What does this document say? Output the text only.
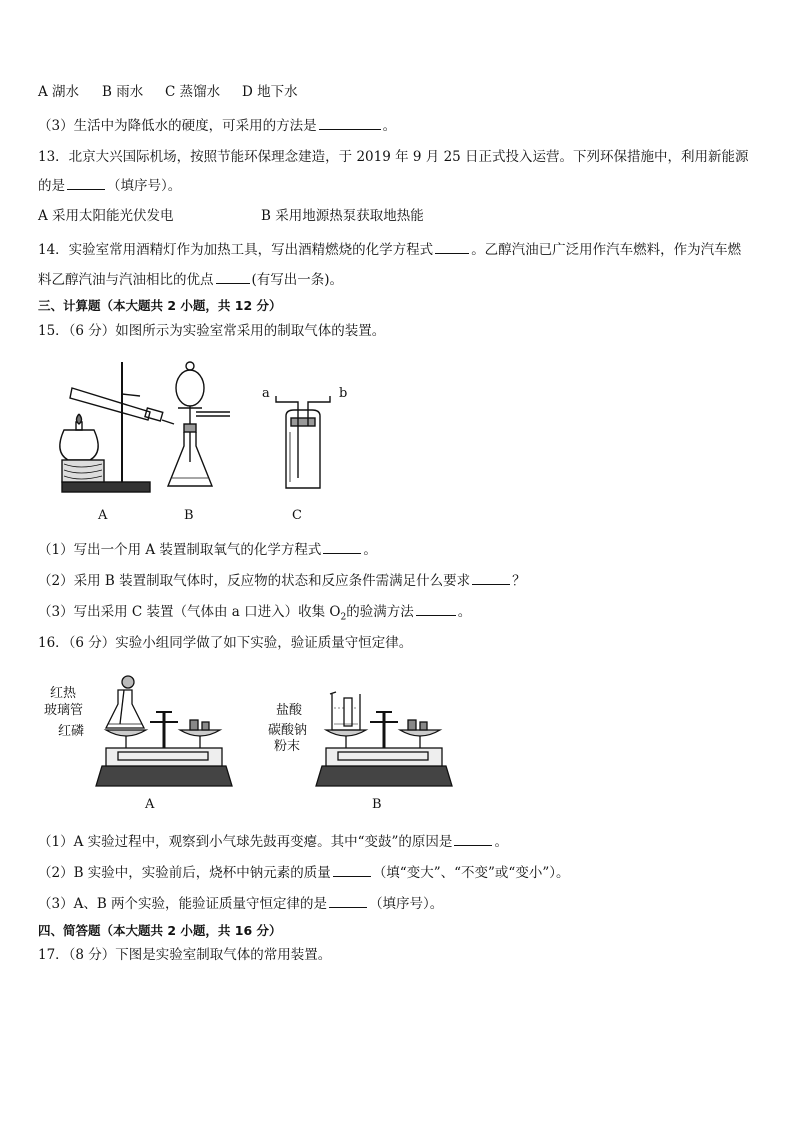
A 湖水 B 雨水 C 蒸馏水 D 地下水
（3）生活中为降低水的硬度，可采用的方法是	。
13．北京大兴国际机场，按照节能环保理念建造，于 2019 年 9 月 25 日正式投入运营。下列环保措施中，利用新能源
的是	（填序号）。
A 采用太阳能光伏发电	B 采用地源热泵获取地热能
14．实验室常用酒精灯作为加热工具，写出酒精燃烧的化学方程式	。乙醇汽油已广泛用作汽车燃料，作为汽车燃
料乙醇汽油与汽油相比的优点	(有写出一条)。
三、计算题（本大题共 2 小题，共 12 分）
15．（6 分）如图所示为实验室常采用的制取气体的装置。
a	b
A	B	C
（1）写出一个用 A 装置制取氧气的化学方程式	。
（2）采用 B 装置制取气体时，反应物的状态和反应条件需满足什么要求	？
（3）写出采用 C 装置（气体由 a 口进入）收集 $O_2$的验满方法	。
16．（6 分）实验小组同学做了如下实验，验证质量守恒定律。
红热
玻璃管
红磷
盐酸
碳酸钠
粉末
A	B
（1）A 实验过程中，观察到小气球先鼓再变瘪。其中“变鼓”的原因是	。
（2）B 实验中，实验前后，烧杯中钠元素的质量	（填“变大”、“不变”或“变小”）。
（3）A、B 两个实验，能验证质量守恒定律的是	（填序号）。
四、简答题（本大题共 2 小题，共 16 分）
17．（8 分）下图是实验室制取气体的常用装置。
